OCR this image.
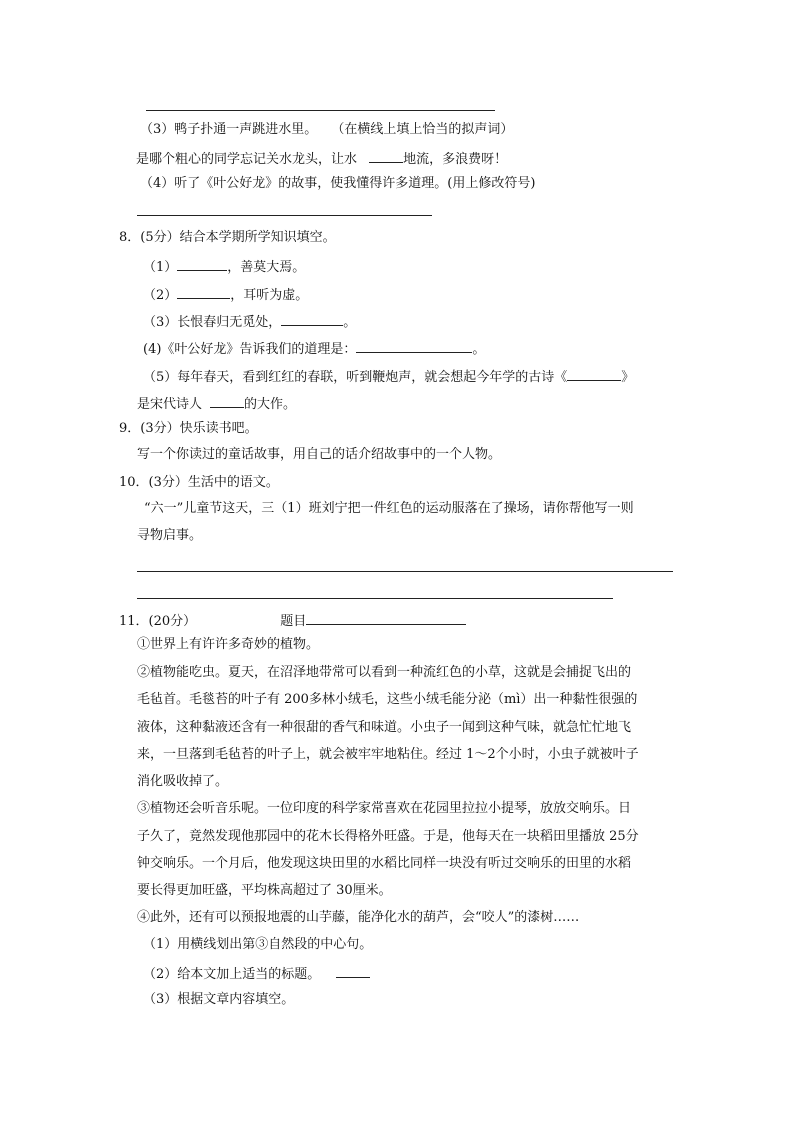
（3）鸭子扑通一声跳进水里。 （在横线上填上恰当的拟声词）
是哪个粗心的同学忘记关水龙头，让水	地流，多浪费呀！
（4）听了《叶公好龙》的故事，使我懂得许多道理。(用上修改符号)
8．(5分）结合本学期所学知识填空。
（1）	，善莫大焉。
（2）	，耳听为虚。
（3）长恨春归无觅处，	。
(4)《叶公好龙》告诉我们的道理是：	。
（5）每年春天，看到红红的春联，听到鞭炮声，就会想起今年学的古诗《	》
是宋代诗人	的大作。
9．(3分）快乐读书吧。
写一个你读过的童话故事，用自己的话介绍故事中的一个人物。
10．(3分）生活中的语文。
“六一”儿童节这天，三（1）班刘宁把一件红色的运动服落在了操场，请你帮他写一则
寻物启事。
11．(20分）	题目
①世界上有许许多奇妙的植物。
②植物能吃虫。夏天，在沼泽地带常可以看到一种流红色的小草，这就是会捕捉飞出的
毛毡首。毛毯苔的叶子有 200多林小绒毛，这些小绒毛能分泌（mì）出一种黏性很强的
液体，这种黏液还含有一种很甜的香气和味道。小虫子一闻到这种气味，就急忙忙地飞
来，一旦落到毛毡苔的叶子上，就会被牢牢地粘住。经过 1～2个小时，小虫子就被叶子
消化吸收掉了。
③植物还会听音乐呢。一位印度的科学家常喜欢在花园里拉拉小提琴，放放交响乐。日
子久了，竟然发现他那园中的花木长得格外旺盛。于是，他每天在一块稻田里播放 25分
钟交响乐。一个月后，他发现这块田里的水稻比同样一块没有听过交响乐的田里的水稻
要长得更加旺盛，平均株高超过了 30厘米。
④此外，还有可以预报地震的山芋藤，能净化水的葫芦，会“咬人”的漆树……
（1）用横线划出第③自然段的中心句。
（2）给本文加上适当的标题。
（3）根据文章内容填空。
